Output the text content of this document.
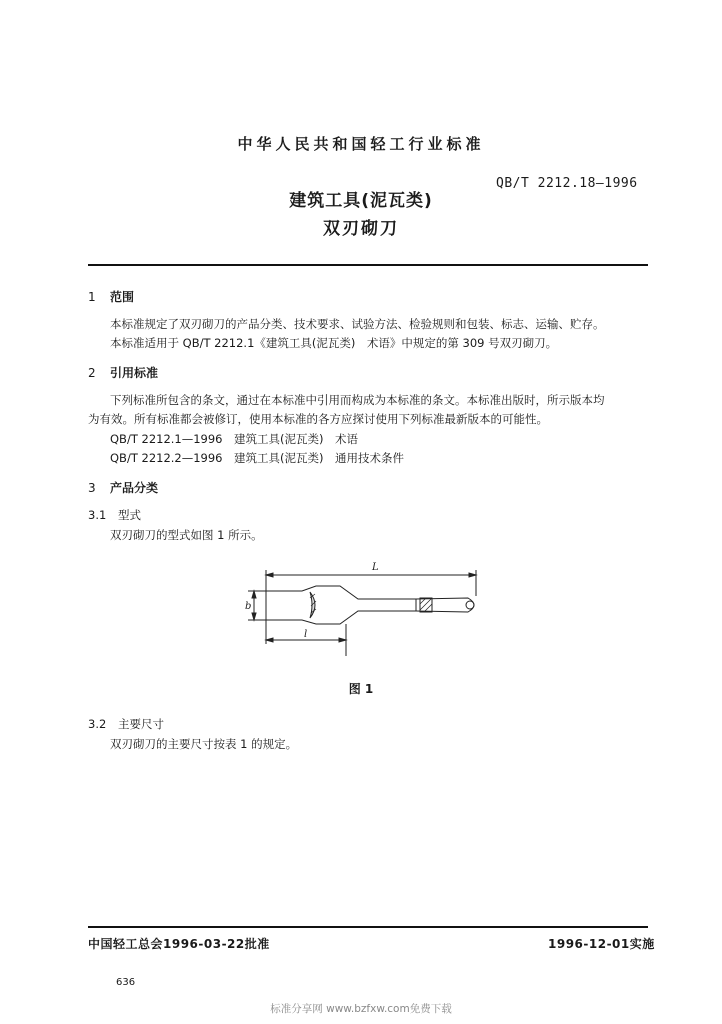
中华人民共和国轻工行业标准
QB/T 2212.18—1996
建筑工具(泥瓦类)
双刃砌刀
1 范围
本标准规定了双刃砌刀的产品分类、技术要求、试验方法、检验规则和包装、标志、运输、贮存。
本标准适用于 QB/T 2212.1《建筑工具(泥瓦类)　术语》中规定的第 309 号双刃砌刀。
2 引用标准
下列标准所包含的条文，通过在本标准中引用而构成为本标准的条文。本标准出版时，所示版本均
为有效。所有标准都会被修订，使用本标准的各方应探讨使用下列标准最新版本的可能性。
QB/T 2212.1—1996　建筑工具(泥瓦类)　术语
QB/T 2212.2—1996　建筑工具(泥瓦类)　通用技术条件
3 产品分类
3.1 型式
双刃砌刀的型式如图 1 所示。
L
b
l
图 1
3.2 主要尺寸
双刃砌刀的主要尺寸按表 1 的规定。
中国轻工总会1996-03-22批准	1996-12-01实施
636
标准分享网 www.bzfxw.com免费下载
